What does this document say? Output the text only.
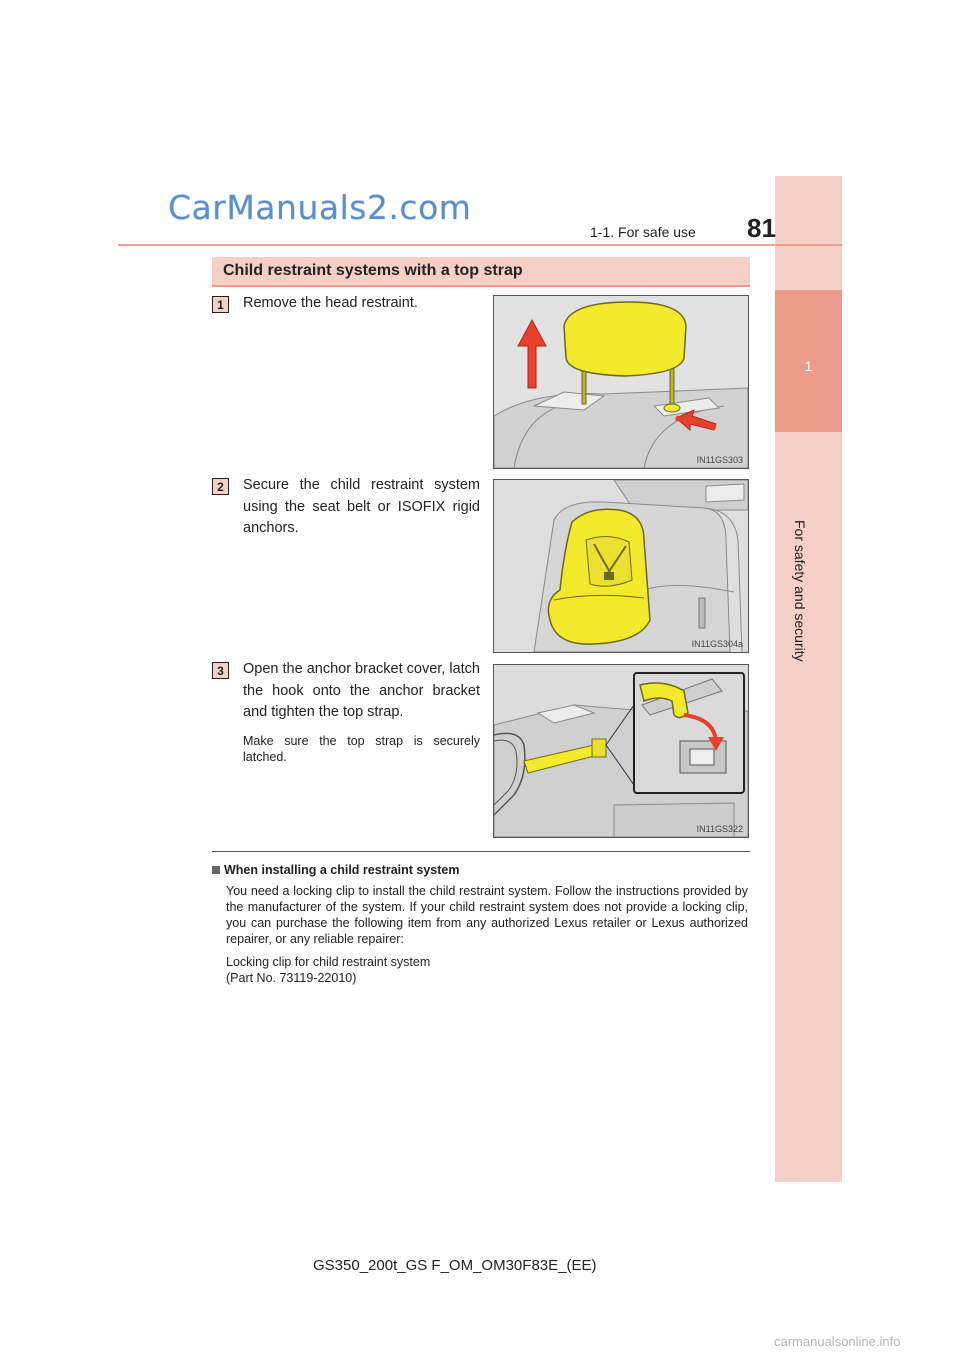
CarManuals2.com
1
For safety and security
81
1-1. For safe use
Child restraint systems with a top strap
1	Remove the head restraint.
IN11GS303
2	Secure the child restraint system using the seat belt or ISOFIX rigid anchors.
IN11GS304a
3	Open the anchor bracket cover, latch the hook onto the anchor bracket and tighten the top strap.
Make sure the top strap is securely latched.
IN11GS322
When installing a child restraint system
You need a locking clip to install the child restraint system. Follow the instructions provided by the manufacturer of the system. If your child restraint system does not provide a locking clip, you can purchase the following item from any authorized Lexus retailer or Lexus authorized repairer, or any reliable repairer:
Locking clip for child restraint system
(Part No. 73119-22010)
GS350_200t_GS F_OM_OM30F83E_(EE)
carmanualsonline.info
